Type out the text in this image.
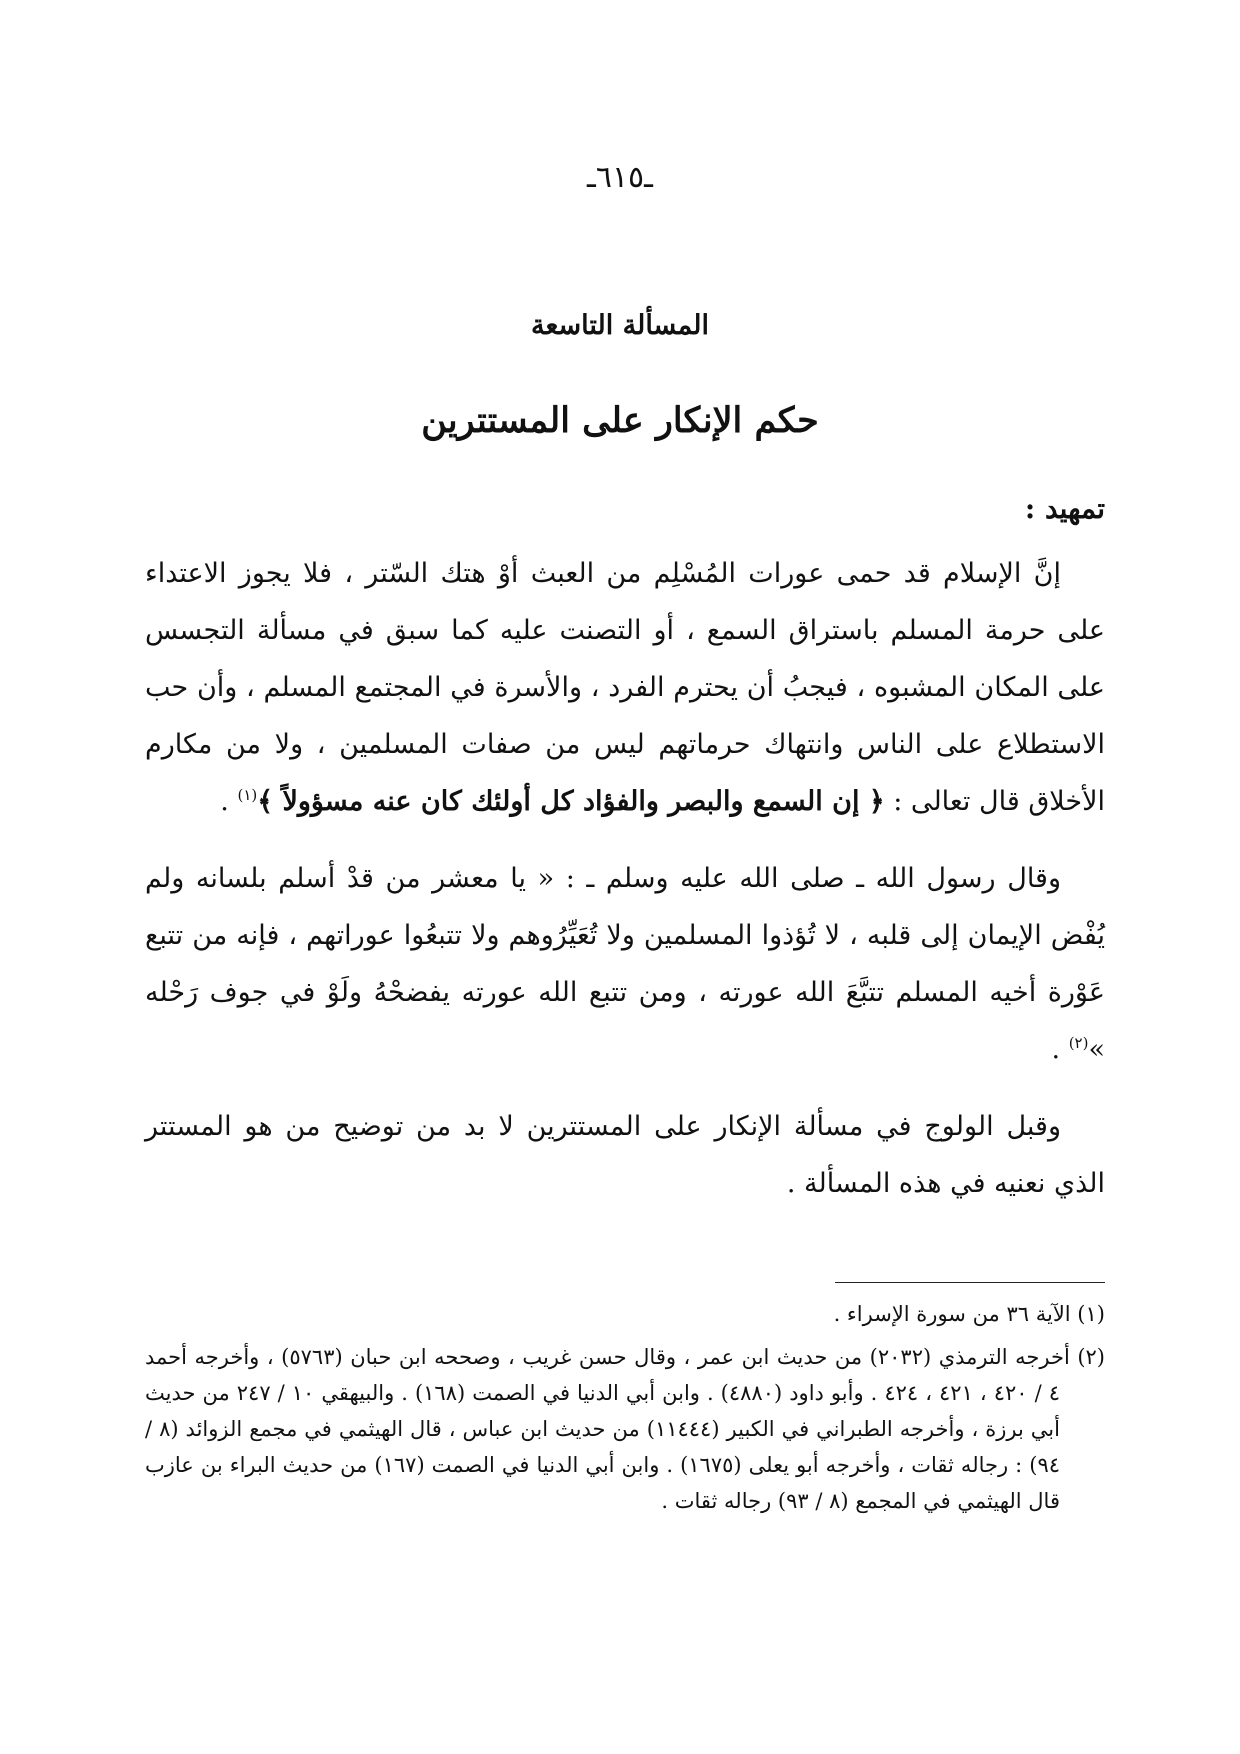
ـ٦١٥ـ
المسألة التاسعة
حكم الإنكار على المستترين
تمهيد :

إنَّ الإسلام قد حمى عورات المُسْلِم من العبث أوْ هتك السّتر ، فلا يجوز الاعتداء على حرمة المسلم باستراق السمع ، أو التصنت عليه كما سبق في مسألة التجسس على المكان المشبوه ، فيجبُ أن يحترم الفرد ، والأسرة في المجتمع المسلم ، وأن حب الاستطلاع على الناس وانتهاك حرماتهم ليس من صفات المسلمين ، ولا من مكارم الأخلاق قال تعالى : ﴿ إن السمع والبصر والفؤاد كل أولئك كان عنه مسؤولاً ﴾$^{(١)}$ .

وقال رسول الله ـ صلى الله عليه وسلم ـ : « يا معشر من قدْ أسلم بلسانه ولم يُفْض الإيمان إلى قلبه ، لا تُؤذوا المسلمين ولا تُعَيِّرُوهم ولا تتبعُوا عوراتهم ، فإنه من تتبع عَوْرة أخيه المسلم تتبَّعَ الله عورته ، ومن تتبع الله عورته يفضحْهُ ولَوْ في جوف رَحْله »$^{(٢)}$ .

وقبل الولوج في مسألة الإنكار على المستترين لا بد من توضيح من هو المستتر الذي نعنيه في هذه المسألة .

(١) الآية ٣٦ من سورة الإسراء .

(٢) أخرجه الترمذي (٢٠٣٢) من حديث ابن عمر ، وقال حسن غريب ، وصححه ابن حبان (٥٧٦٣) ، وأخرجه أحمد ٤ / ٤٢٠ ، ٤٢١ ، ٤٢٤ . وأبو داود (٤٨٨٠) . وابن أبي الدنيا في الصمت (١٦٨) . والبيهقي ١٠ / ٢٤٧ من حديث أبي برزة ، وأخرجه الطبراني في الكبير (١١٤٤٤) من حديث ابن عباس ، قال الهيثمي في مجمع الزوائد (٨ / ٩٤) : رجاله ثقات ، وأخرجه أبو يعلى (١٦٧٥) . وابن أبي الدنيا في الصمت (١٦٧) من حديث البراء بن عازب قال الهيثمي في المجمع (٨ / ٩٣) رجاله ثقات .
